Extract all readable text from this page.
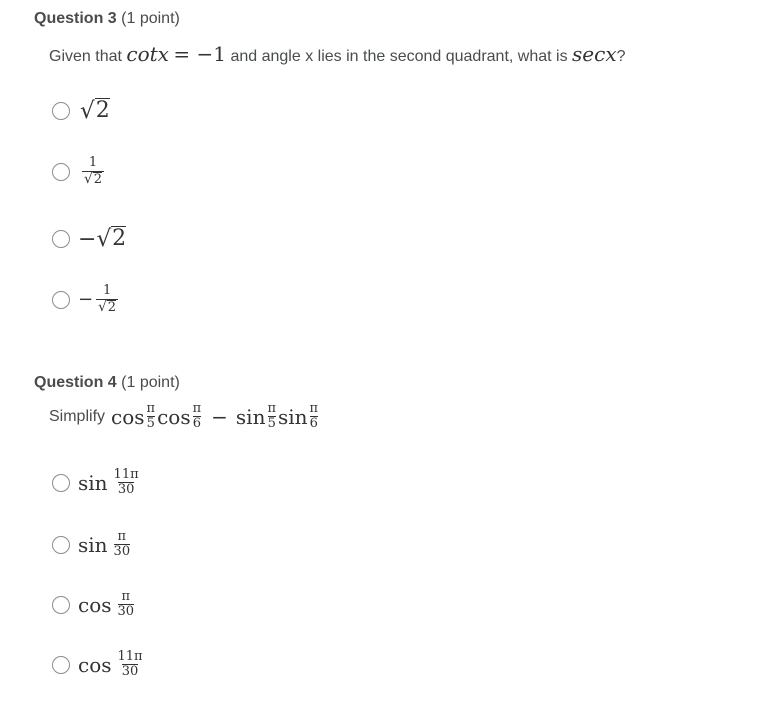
Question 3 (1 point)
Given that cotx = −1 and angle x lies in the second quadrant, what is secx?
√ 2
$\frac{1}{√ 2}$
− √ 2
− $\frac{1}{√ 2}$
Question 4 (1 point)
Simplify cos π
5 cos π
6 − sin π
5 sin π
6
sin 11π
30
sin π
30
cos π
30
cos 11π
30
